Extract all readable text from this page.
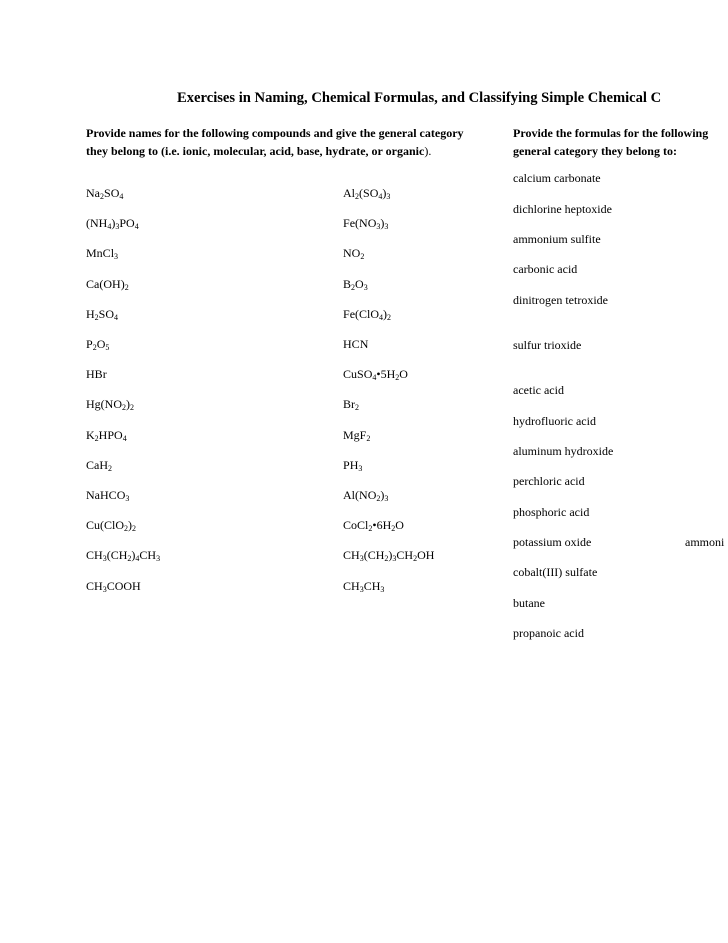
Exercises in Naming, Chemical Formulas, and Classifying Simple Chemical C
Provide names for the following compounds and give the general category they belong to (i.e. ionic, molecular, acid, base, hydrate, or organic).
Provide the formulas for the following
general category they belong to:
$Na_2SO_4$
$(NH_4)_3PO_4$
MnCl$_3$
$Ca(OH)_2$
$H_2SO_4$
$P_2O_5$
HBr
$Hg(NO_2)_2$
$K_2HPO_4$
CaH$_2$
NaHCO$_3$
$Cu(ClO_2)_2$
$CH_3(CH_2)_4CH_3$
$CH_3COOH$
$Al_2(SO_4)_3$
$Fe(NO_3)_3$
$NO_2$
$B_2O_3$
$Fe(ClO_4)_2$
HCN
$CuSO_4•5H_2O$
$Br_2$
MgF$_2$
$PH_3$
$Al(NO_2)_3$
$CoCl_2•6H_2O$
$CH_3(CH_2)_3CH_2OH$
$CH_3CH_3$
calcium carbonate
dichlorine heptoxide
ammonium sulfite
carbonic acid
dinitrogen tetroxide
sulfur trioxide
acetic acid
hydrofluoric acid
aluminum hydroxide
perchloric acid
phosphoric acid
potassium oxide
cobalt(III) sulfate
butane
propanoic acid
ammoni
